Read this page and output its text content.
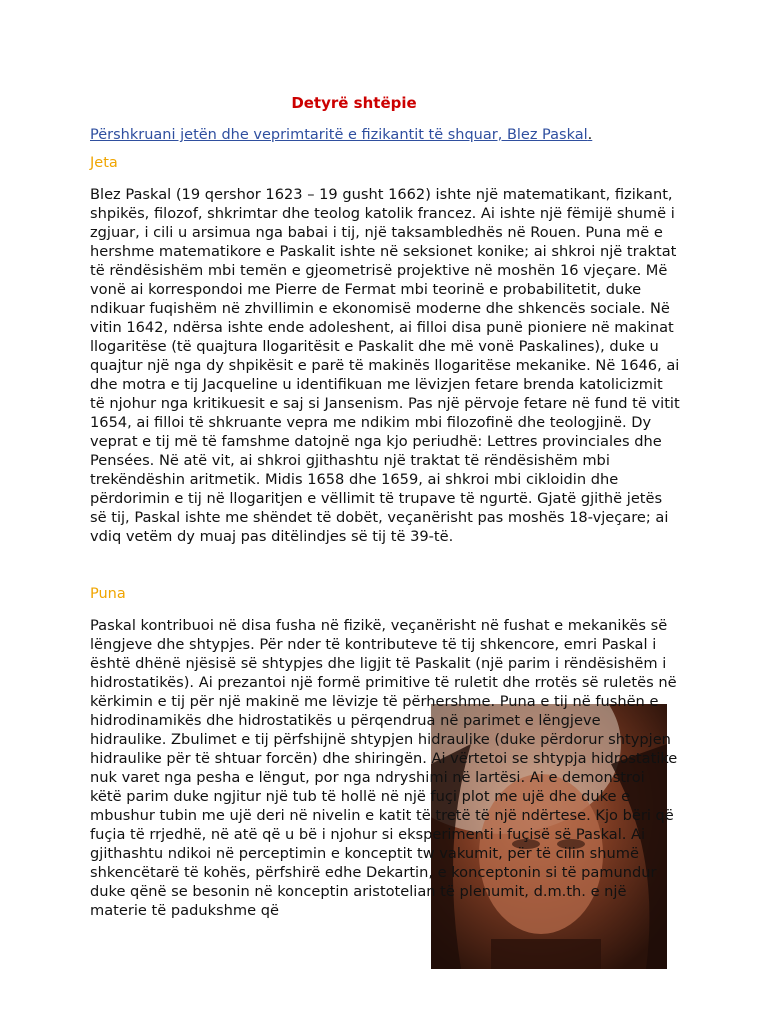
Detyrë shtëpie
Përshkruani jetën dhe veprimtaritë e fizikantit të shquar, Blez Paskal.
Jeta

Blez Paskal (19 qershor 1623 – 19 gusht 1662) ishte një matematikant, fizikant, shpikës, filozof, shkrimtar dhe teolog katolik francez. Ai ishte një fëmijë shumë i zgjuar, i cili u arsimua nga babai i tij, një taksambledhës në Rouen. Puna më e hershme matematikore e Paskalit ishte në seksionet konike; ai shkroi një traktat të rëndësishëm mbi temën e gjeometrisë projektive në moshën 16 vjeçare. Më vonë ai korrespondoi me Pierre de Fermat mbi teorinë e probabilitetit, duke ndikuar fuqishëm në zhvillimin e ekonomisë moderne dhe shkencës sociale. Në vitin 1642, ndërsa ishte ende adoleshent, ai filloi disa punë pioniere në makinat llogaritëse (të quajtura llogaritësit e Paskalit dhe më vonë Paskalines), duke u quajtur një nga dy shpikësit e parë të makinës llogaritëse mekanike. Në 1646, ai dhe motra e tij Jacqueline u identifikuan me lëvizjen fetare brenda katolicizmit të njohur nga kritikuesit e saj si Jansenism. Pas një përvoje fetare në fund të vitit 1654, ai filloi të shkruante vepra me ndikim mbi filozofinë dhe teologjinë. Dy veprat e tij më të famshme datojnë nga kjo periudhë: Lettres provinciales dhe Pensées. Në atë vit, ai shkroi gjithashtu një traktat të rëndësishëm mbi trekëndëshin aritmetik. Midis 1658 dhe 1659, ai shkroi mbi cikloidin dhe përdorimin e tij në llogaritjen e vëllimit të trupave të ngurtë. Gjatë gjithë jetës së tij, Paskal ishte me shëndet të dobët, veçanërisht pas moshës 18-vjeçare; ai vdiq vetëm dy muaj pas ditëlindjes së tij të 39-të.

Puna

Paskal kontribuoi në disa fusha në fizikë, veçanërisht në fushat e mekanikës së lëngjeve dhe shtypjes. Për nder të kontributeve të tij shkencore, emri Paskal i është dhënë njësisë së shtypjes dhe ligjit të Paskalit (një parim i rëndësishëm i hidrostatikës). Ai prezantoi një formë primitive të ruletit dhe rrotës së ruletës në kërkimin e tij për një makinë me lëvizje të përhershme. Puna e tij në fushën e hidrodinamikës dhe hidrostatikës u përqendrua në parimet e lëngjeve hidraulike. Zbulimet e tij përfshijnë shtypjen hidraulike (duke përdorur shtypjen hidraulike për të shtuar forcën) dhe shiringën. Ai vërtetoi se shtypja hidrostatike nuk varet nga pesha e lëngut, por nga ndryshimi në lartësi. Ai e demonstroi këtë parim duke ngjitur një tub të hollë në një fuçi plot me ujë dhe duke e mbushur tubin me ujë deri në nivelin e katit të tretë të një ndërtese. Kjo bëri që fuçia të rrjedhë, në atë që u bë i njohur si eksperimenti i fuçisë së Paskal. Ai gjithashtu ndikoi në perceptimin e konceptit tw vakumit, për të cilin shumë shkencëtarë të kohës, përfshirë edhe Dekartin, e konceptonin si të pamundur duke qënë se besonin në konceptin aristotelian të plenumit, d.m.th. e një materie të padukshme që
